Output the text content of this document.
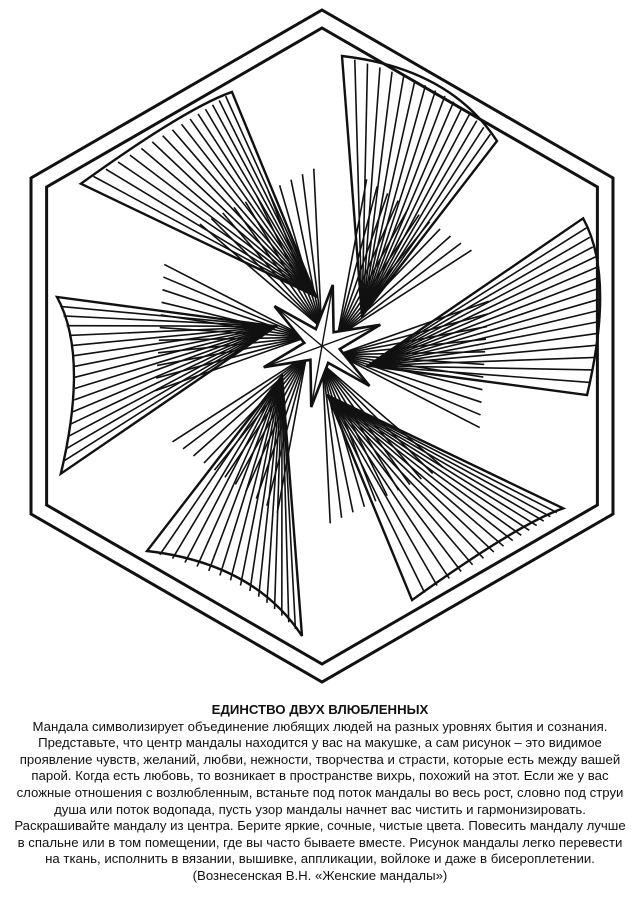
ЕДИНСТВО ДВУХ ВЛЮБЛЕННЫХ
Мандала символизирует объединение любящих людей на разных уровнях бытия и сознания.
Представьте, что центр мандалы находится у вас на макушке, а сам рисунок – это видимое
проявление чувств, желаний, любви, нежности, творчества и страсти, которые есть между вашей
парой. Когда есть любовь, то возникает в пространстве вихрь, похожий на этот. Если же у вас
сложные отношения с возлюбленным, встаньте под поток мандалы во весь рост, словно под струи
душа или поток водопада, пусть узор мандалы начнет вас чистить и гармонизировать.
Раскрашивайте мандалу из центра. Берите яркие, сочные, чистые цвета. Повесить мандалу лучше
в спальне или в том помещении, где вы часто бываете вместе. Рисунок мандалы легко перевести
на ткань, исполнить в вязании, вышивке, аппликации, войлоке и даже в бисероплетении.
(Вознесенская В.Н. «Женские мандалы»)
